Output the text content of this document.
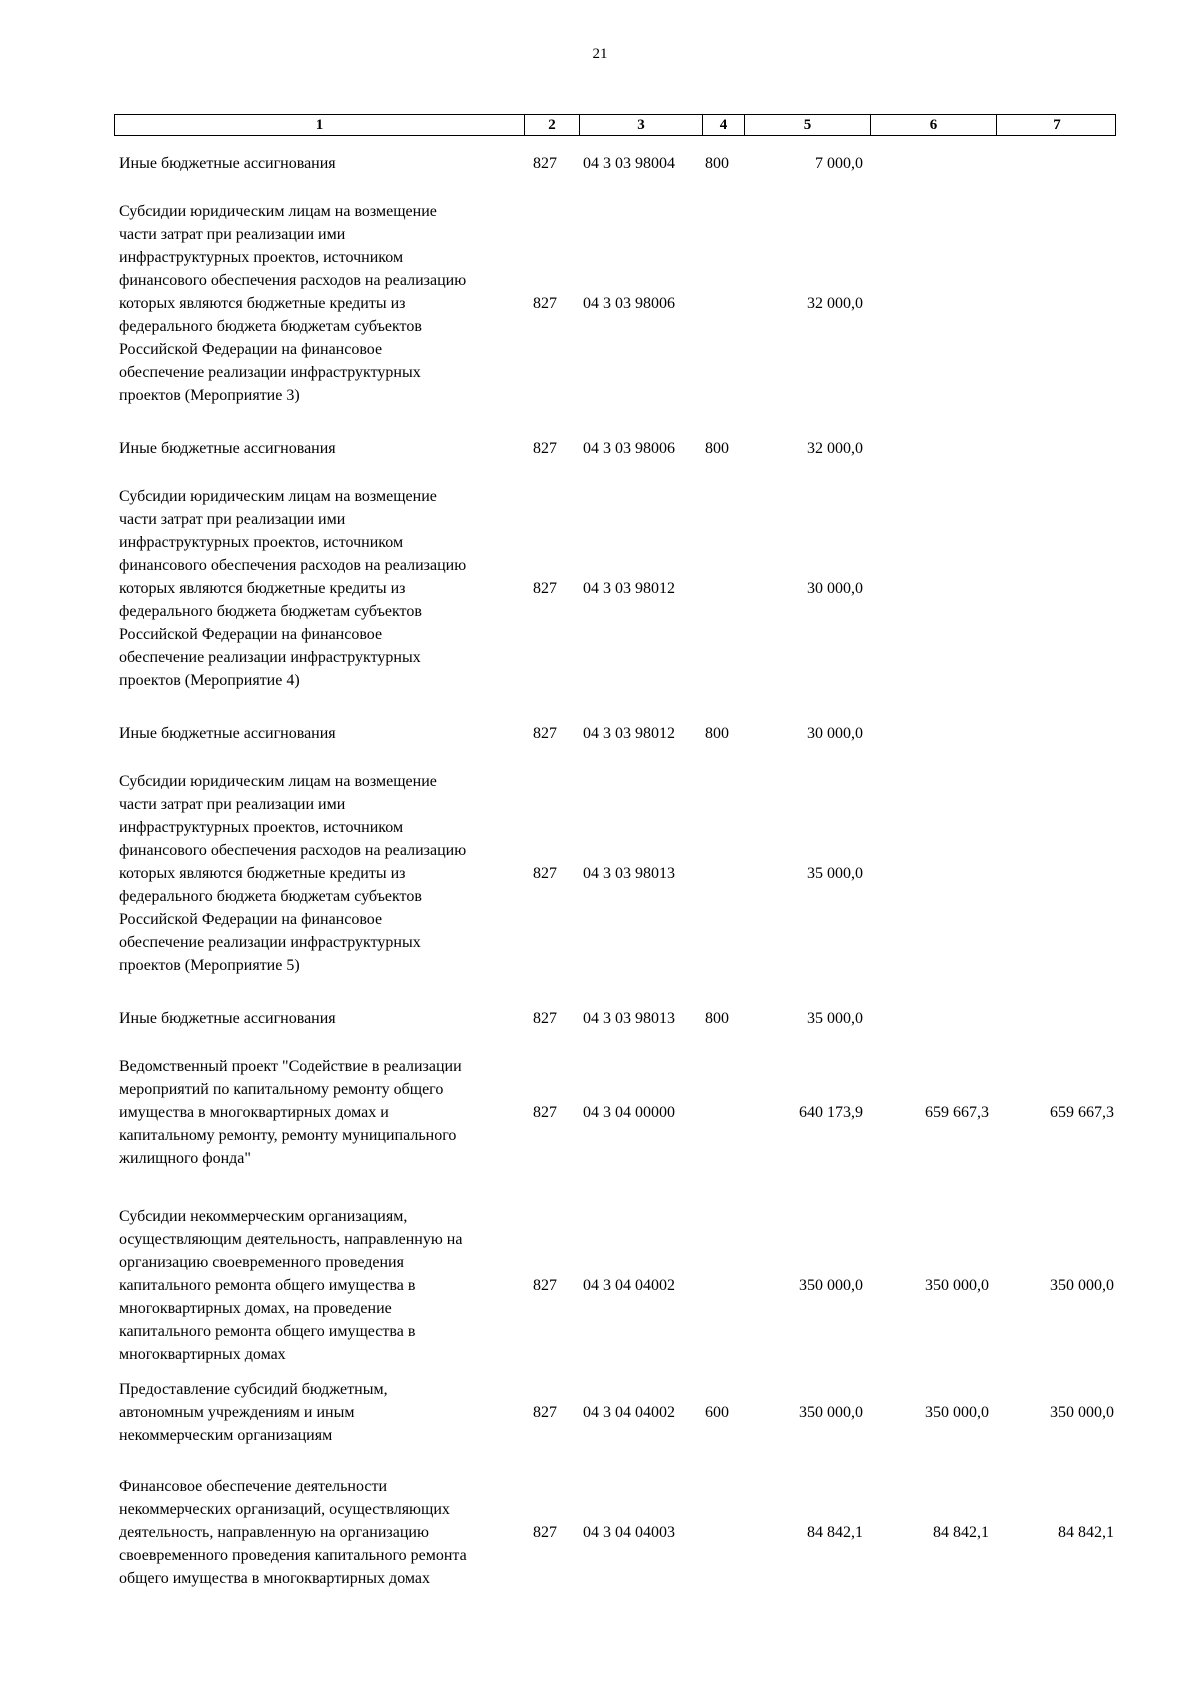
21
1	2	3	4	5	6	7
Иные бюджетные ассигнования	827 04 3 03 98004 800	7 000,0
Субсидии юридическим лицам на возмещение
части затрат при реализации ими
инфраструктурных проектов, источником
финансового обеспечения расходов на реализацию
которых являются бюджетные кредиты из
федерального бюджета бюджетам субъектов
Российской Федерации на финансовое
обеспечение реализации инфраструктурных
проектов (Мероприятие 3)
827 04 3 03 98006	32 000,0
Иные бюджетные ассигнования	827 04 3 03 98006 800	32 000,0
Субсидии юридическим лицам на возмещение
части затрат при реализации ими
инфраструктурных проектов, источником
финансового обеспечения расходов на реализацию
которых являются бюджетные кредиты из
федерального бюджета бюджетам субъектов
Российской Федерации на финансовое
обеспечение реализации инфраструктурных
проектов (Мероприятие 4)
827 04 3 03 98012	30 000,0
Иные бюджетные ассигнования	827 04 3 03 98012 800	30 000,0
Субсидии юридическим лицам на возмещение
части затрат при реализации ими
инфраструктурных проектов, источником
финансового обеспечения расходов на реализацию
которых являются бюджетные кредиты из
федерального бюджета бюджетам субъектов
Российской Федерации на финансовое
обеспечение реализации инфраструктурных
проектов (Мероприятие 5)
827 04 3 03 98013	35 000,0
Иные бюджетные ассигнования	827 04 3 03 98013 800	35 000,0
Ведомственный проект "Содействие в реализации
мероприятий по капитальному ремонту общего
имущества в многоквартирных домах и
капитальному ремонту, ремонту муниципального
жилищного фонда"
827 04 3 04 00000	640 173,9	659 667,3	659 667,3
Субсидии некоммерческим организациям,
осуществляющим деятельность, направленную на
организацию своевременного проведения
капитального ремонта общего имущества в
многоквартирных домах, на проведение
капитального ремонта общего имущества в
многоквартирных домах
827 04 3 04 04002	350 000,0	350 000,0	350 000,0
Предоставление субсидий бюджетным,
автономным учреждениям и иным
некоммерческим организациям
827 04 3 04 04002 600	350 000,0	350 000,0	350 000,0
Финансовое обеспечение деятельности
некоммерческих организаций, осуществляющих
деятельность, направленную на организацию
своевременного проведения капитального ремонта
общего имущества в многоквартирных домах
827 04 3 04 04003	84 842,1	84 842,1	84 842,1
